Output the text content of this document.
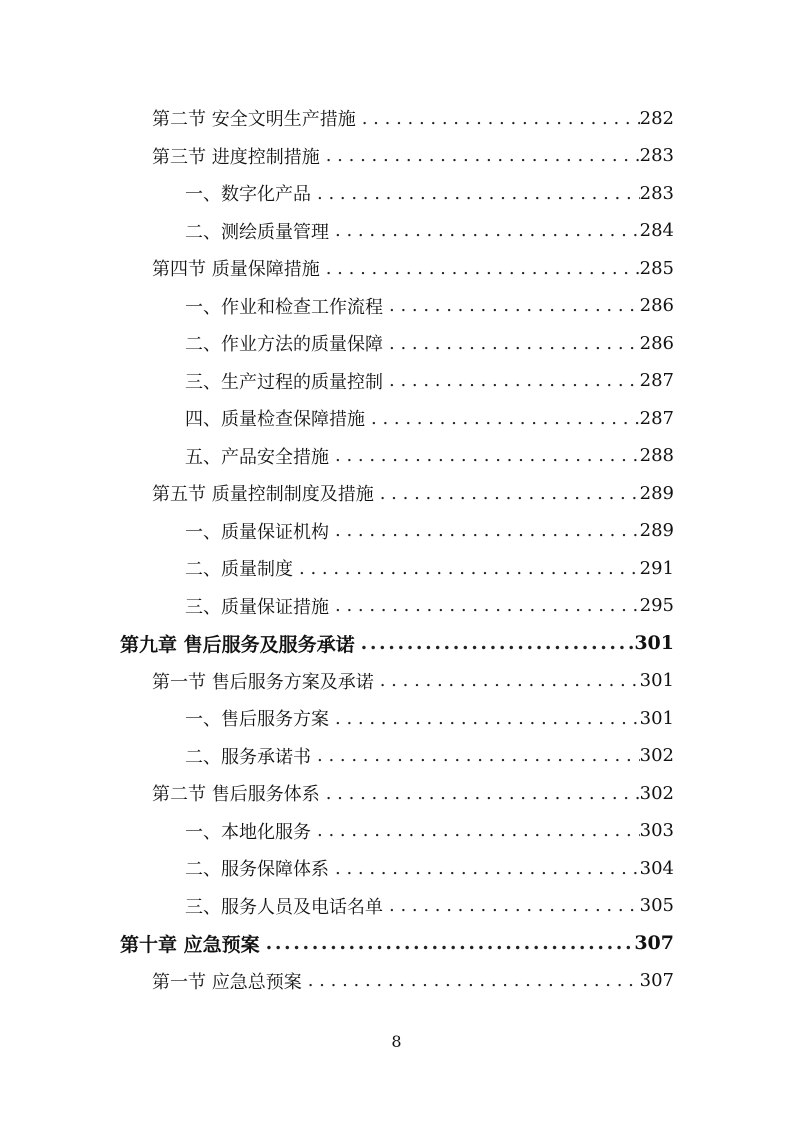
第二节 安全文明生产措施 . . .	282
第三节 进度控制措施 . . .	283
一、数字化产品 . . .	283
二、测绘质量管理 . . .	284
第四节 质量保障措施 . . .	285
一、作业和检查工作流程 . . .	286
二、作业方法的质量保障 . . .	286
三、生产过程的质量控制 . . .	287
四、质量检查保障措施 . . .	287
五、产品安全措施 . . .	288
第五节 质量控制制度及措施 . . .	289
一、质量保证机构 . . .	289
二、质量制度 . . .	291
三、质量保证措施 . . .	295
第九章 售后服务及服务承诺 .....	301
第一节 售后服务方案及承诺 . . .	301
一、售后服务方案 . . .	301
二、服务承诺书 . . .	302
第二节 售后服务体系 . . .	302
一、本地化服务 . . .	303
二、服务保障体系 . . .	304
三、服务人员及电话名单 . . .	305
第十章 应急预案 .....	307
第一节 应急总预案 . . .	307
8
